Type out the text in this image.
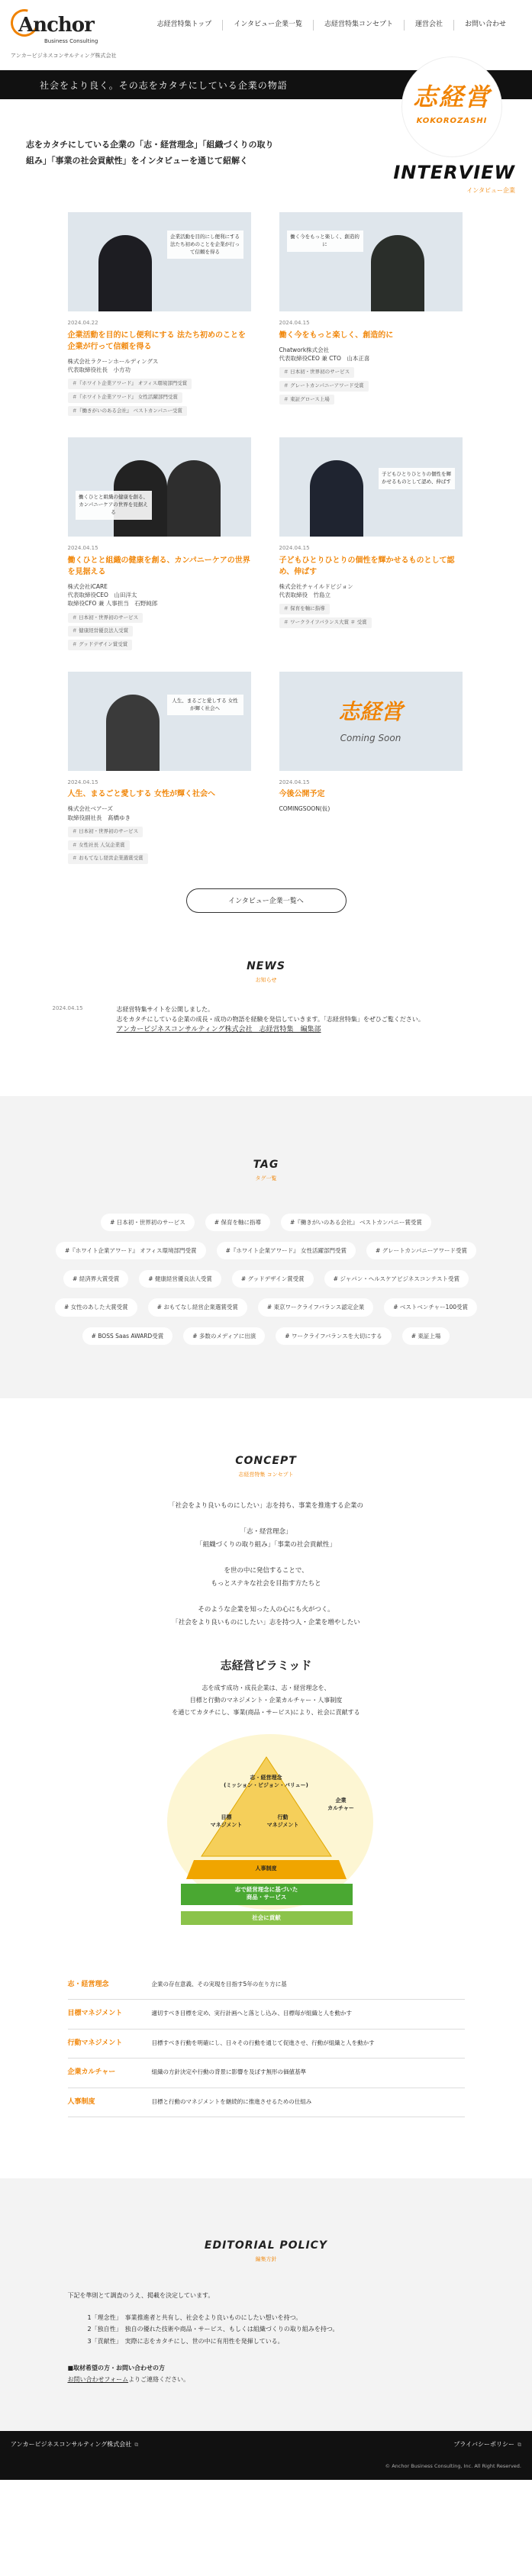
Anchor
Business Consulting
アンカービジネスコンサルティング株式会社
志経営特集トップ	インタビュー企業一覧	志経営特集コンセプト	運営会社	お問い合わせ
社会をより良く。その志をカタチにしている企業の物語	志経営
KOKOROZASHI

志をカタチにしている企業の「志・経営理念」「組織づくりの取り組み」「事業の社会貢献性」をインタビューを通じて紹解く

INTERVIEW
インタビュー企業
企業活動を目的にし便利にする法たち初めのことを企業が行って信頼を得る
2024.04.22
企業活動を目的にし便利にする 法たち初めのことを企業が行って信頼を得る
株式会社ラクーンホールディングス
代表取締役社長　小方功
＃『ホワイト企業アワード』 オフィス環境部門受賞
＃『ホワイト企業アワード』 女性活躍部門受賞
＃『働きがいのある会社』 ベストカンパニー受賞
働く今をもっと楽しく、創造的に
2024.04.15
働く今をもっと楽しく、創造的に
Chatwork株式会社
代表取締役CEO 兼 CTO　山本正喜
＃ 日本初・世界初のサービス
＃ グレートカンパニーアワード受賞
＃ 東証グロース上場
働くひとと組織の健康を創る、カンパニーケアの世界を見据える
2024.04.15
働くひとと組織の健康を創る、カンパニーケアの世界を見据える
株式会社iCARE
代表取締役CEO　山田洋太
取締役CFO 兼 人事担当　石野純郎
＃ 日本初・世界初のサービス
＃ 健康経営優良法人受賞
＃ グッドデザイン賞受賞
子どもひとりひとりの個性を輝かせるものとして認め、伸ばす
2024.04.15
子どもひとりひとりの個性を輝かせるものとして認め、伸ばす
株式会社チャイルドビジョン
代表取締役　竹島立
＃ 保育を軸に指導
＃ ワークライフバランス大賞 ＃ 受賞
人生、まるごと愛しする 女性が輝く社会へ
2024.04.15
人生、まるごと愛しする 女性が輝く社会へ
株式会社ベアーズ
取締役副社長　髙橋ゆき
＃ 日本初・世界初のサービス
＃ 女性社長 人気企業賞
＃ おもてなし経営企業選賞受賞
志経営
Coming Soon
2024.04.15
今後公開予定
COMINGSOON(仮)
インタビュー企業一覧へ
NEWS
お知らせ
2024.04.15	志経営特集サイトを公開しました。
志をカタチにしている企業の成長・成功の物語を経験を発信していきます。「志経営特集」をぜひご覧ください。
アンカービジネスコンサルティング株式会社　志経営特集　編集部
TAG
タグ一覧
# 日本初・世界初のサービス	# 保育を軸に指導	#『働きがいのある会社』 ベストカンパニー賞受賞
#『ホワイト企業アワード』 オフィス環境部門受賞	#『ホワイト企業アワード』 女性活躍部門受賞	# グレートカンパニーアワード受賞
# 経済界大賞受賞	# 健康経営優良法人受賞	# グッドデザイン賞受賞	# ジャパン・ヘルスケアビジネスコンテスト受賞
# 女性のあした大賞受賞	# おもてなし経営企業選賞受賞	# 東京ワークライフバランス認定企業	# ベストベンチャー100受賞
# BOSS Saas AWARD受賞	# 多数のメディアに出演	# ワークライフバランスを大切にする	# 東証上場
CONCEPT
志経営特集 コンセプト
「社会をより良いものにしたい」志を持ち、事業を推進する企業の

「志・経営理念」
「組織づくりの取り組み」「事業の社会貢献性」

を世の中に発信することで、
もっとステキな社会を目指す方たちと

そのような企業を知った人の心にも火がつく。
「社会をより良いものにしたい」志を持つ人・企業を増やしたい
志経営ピラミッド
志を成す成功・成長企業は、志・経営理念を、
目標と行動のマネジメント・企業カルチャー・人事制度
を通じてカタチにし、事業(商品・サービス)により、社会に貢献する
志・経営理念
(ミッション・ビジョン・バリュー)
目標
マネジメント
行動
マネジメント
企業
カルチャー
人事制度
志で経営理念に基づいた
商品・サービス
社会に貢献
志・経営理念	企業の存在意義、その実現を目指す5年の在り方に基
目標マネジメント	適切すべき目標を定め、実行計画へと落とし込み、目標毎が組織と人を動かす
行動マネジメント	目標すべき行動を明確にし、日々その行動を通じて促進させ、行動が組織と人を動かす
企業カルチャー	組織の方針決定や行動の背景に影響を及ぼす無形の価値基準
人事制度	目標と行動のマネジメントを継続的に推進させるための仕組み
EDITORIAL POLICY
編集方針
下記を準則とて調査のうえ、掲載を決定しています。
1「理念性」　事業推進者と共有し、社会をより良いものにしたい想いを持つ。
2「独自性」　独自の優れた技術や商品・サービス、もしくは組織づくりの取り組みを持つ。
3「貢献性」　実際に志をカタチにし、世の中に有用性を発揮している。
■取材希望の方・お問い合わせの方
お問い合わせフォームよりご連絡ください。
アンカービジネスコンサルティング株式会社 ⧉	プライバシーポリシー ⧉
© Anchor Business Consulting, Inc. All Right Reserved.
